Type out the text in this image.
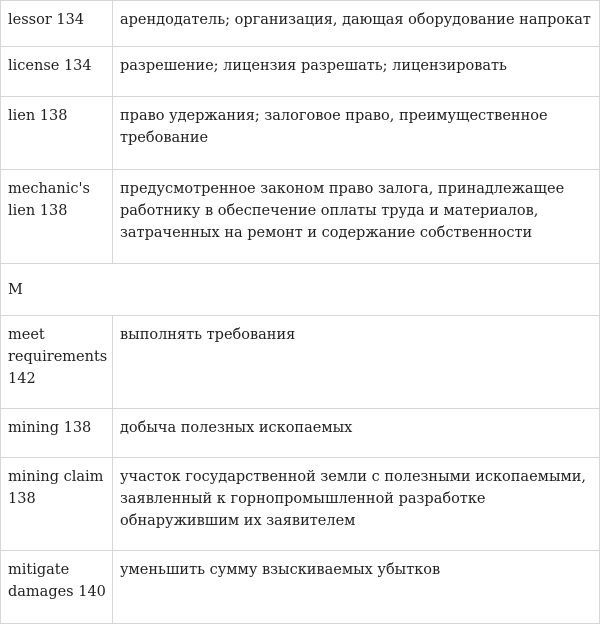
lessor 134	арендодатель; организация, дающая оборудование напрокат

license 134	разрешение; лицензия разрешать; лицензировать

lien 138	право удержания; залоговое право, преимущественное требование

mechanic's lien 138	предусмотренное законом право залога, принадлежащее работнику в обеспечение оплаты труда и материалов, затраченных на ремонт и содержание собственности

M	

meet requirements 142	выполнять требования

mining 138	добыча полезных ископаемых

mining claim 138	участок государственной земли с полезными ископаемыми, заявленный к горнопромышленной разработке обнаружившим их заявителем

mitigate damages 140	уменьшить сумму взыскиваемых убытков
